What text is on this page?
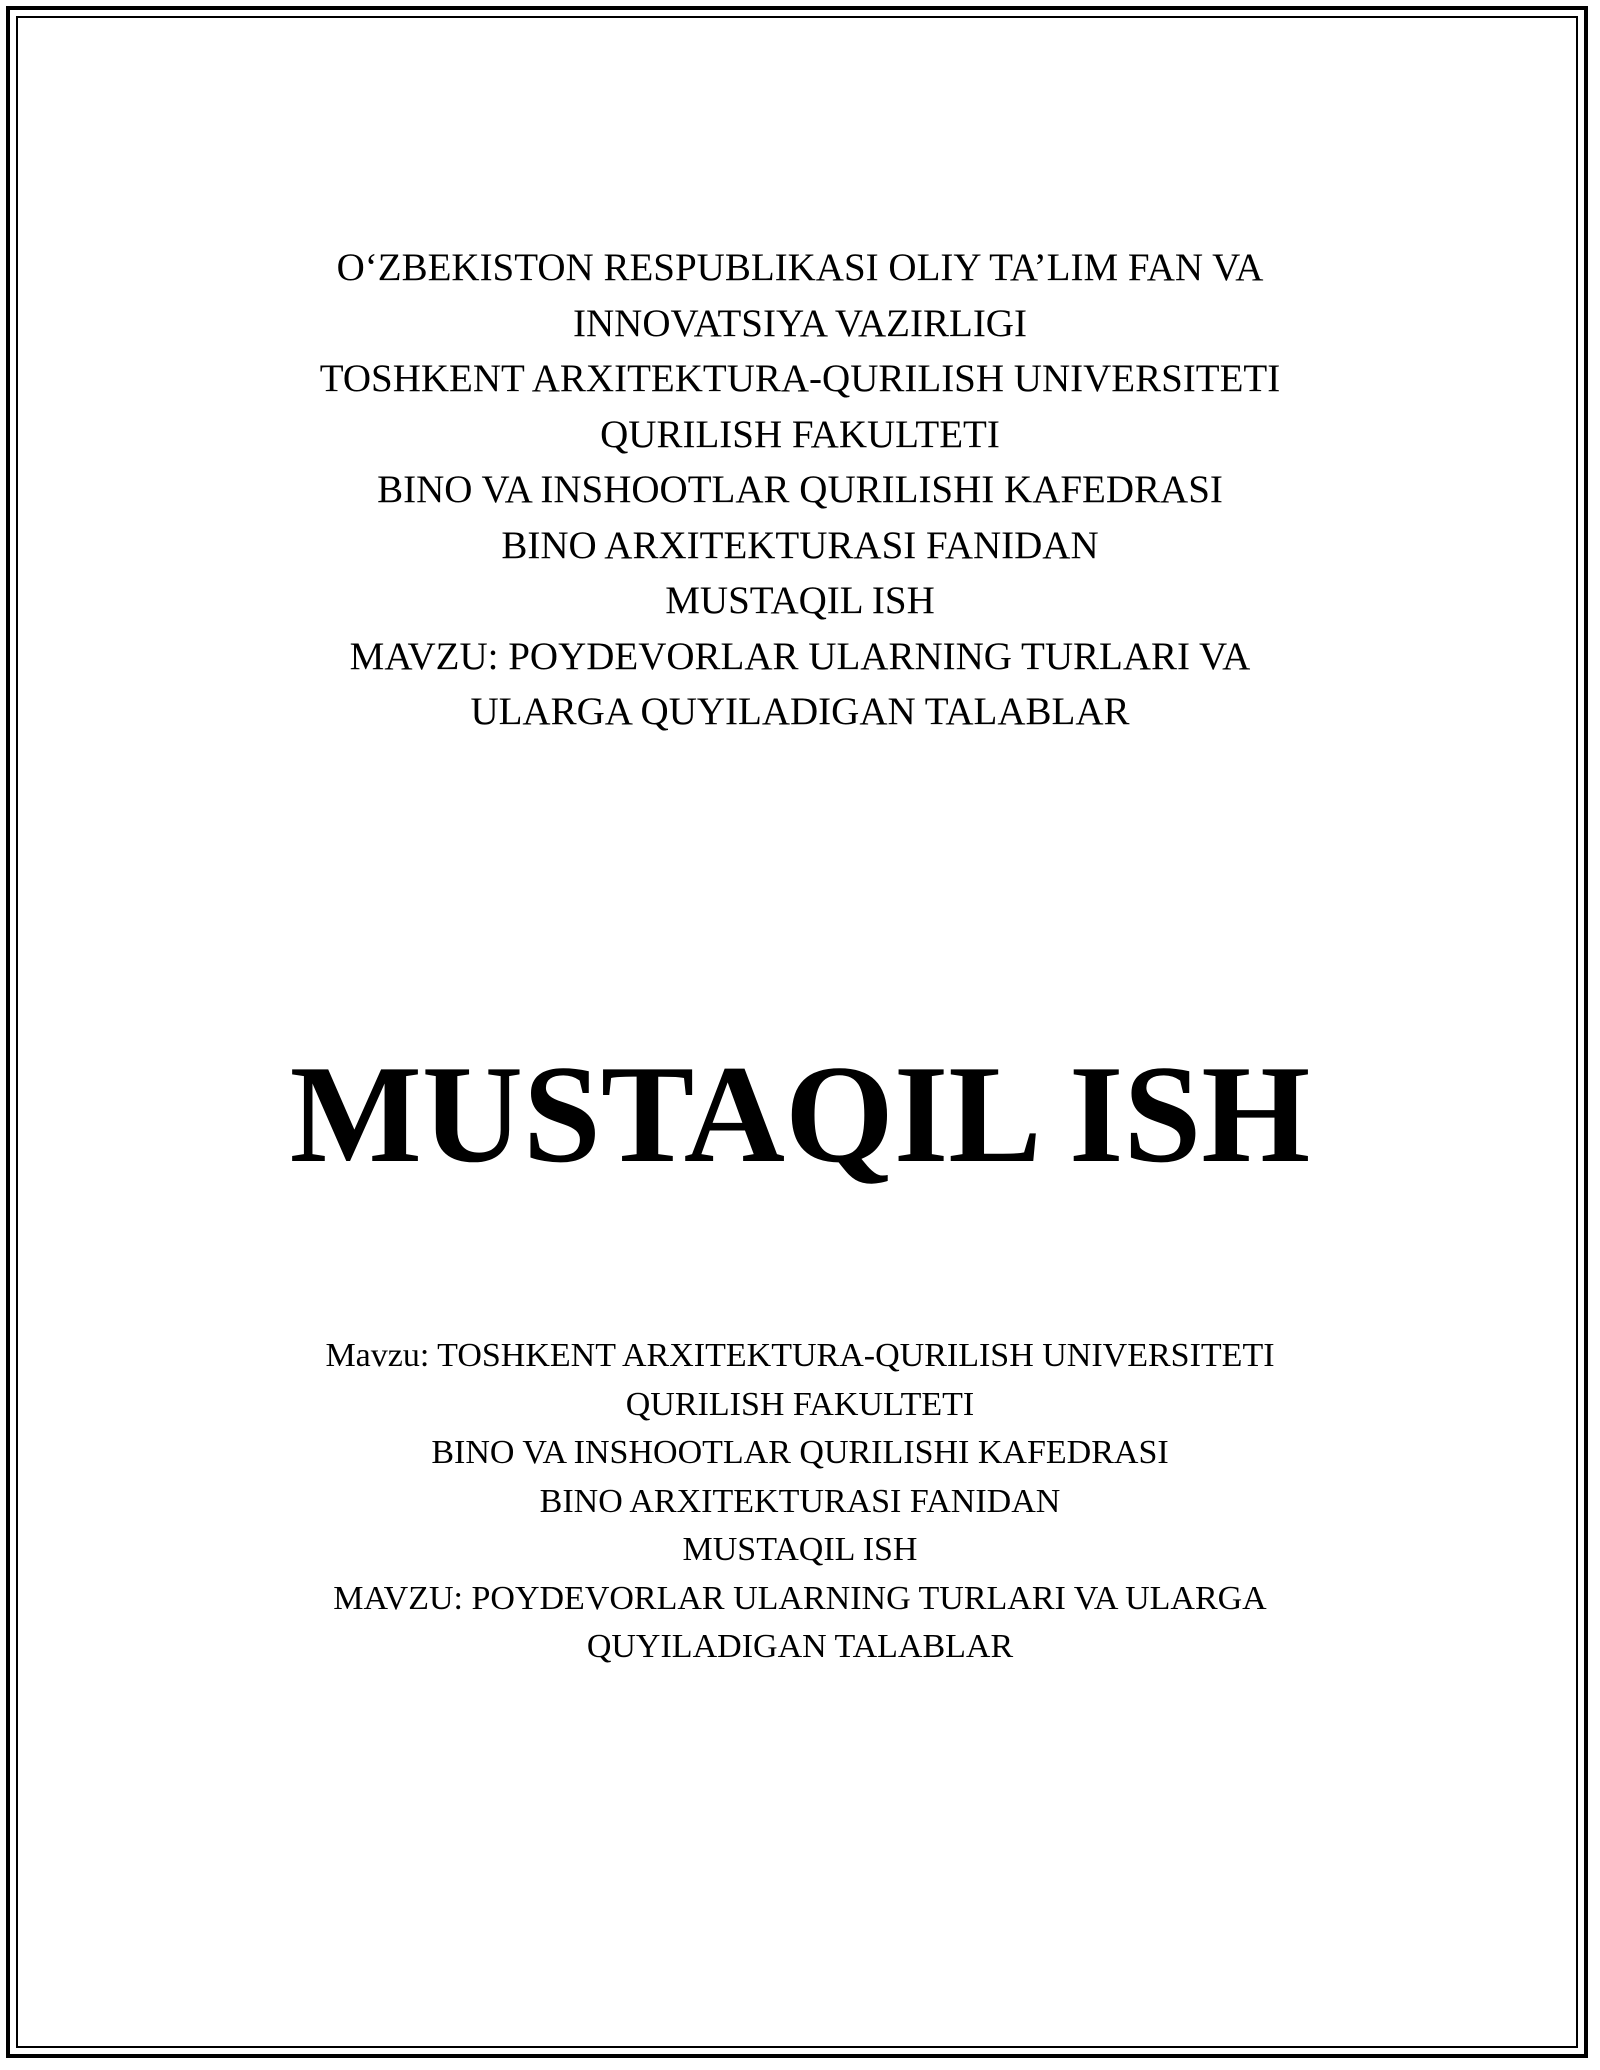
O‘ZBEKISTON RESPUBLIKASI OLIY TA’LIM FAN VA
INNOVATSIYA VAZIRLIGI
TOSHKENT ARXITEKTURA-QURILISH UNIVERSITETI
QURILISH FAKULTETI
BINO VA INSHOOTLAR QURILISHI KAFEDRASI
BINO ARXITEKTURASI FANIDAN
MUSTAQIL ISH
MAVZU: POYDEVORLAR ULARNING TURLARI VA
ULARGA QUYILADIGAN TALABLAR
MUSTAQIL ISH
Mavzu: TOSHKENT ARXITEKTURA-QURILISH UNIVERSITETI
QURILISH FAKULTETI
BINO VA INSHOOTLAR QURILISHI KAFEDRASI
BINO ARXITEKTURASI FANIDAN
MUSTAQIL ISH
MAVZU: POYDEVORLAR ULARNING TURLARI VA ULARGA
QUYILADIGAN TALABLAR
